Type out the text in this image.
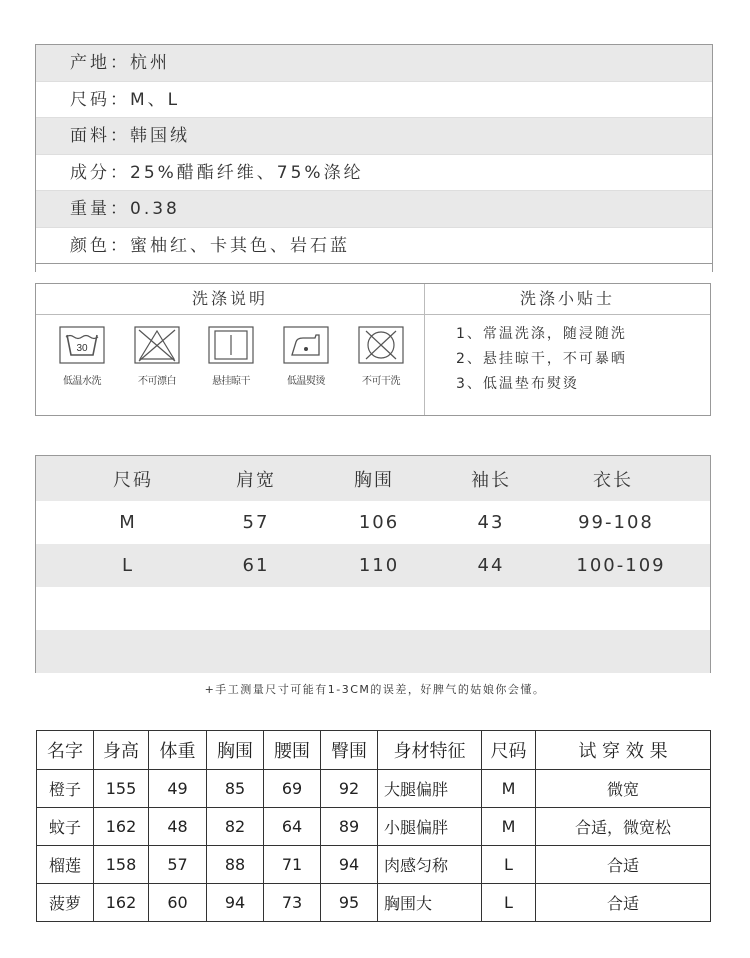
产地：杭州
尺码：M、L
面料：韩国绒
成分：25%醋酯纤维、75%涤纶
重量：0.38
颜色：蜜柚红、卡其色、岩石蓝
洗涤说明	洗涤小贴士
30
低温水洗	不可漂白	悬挂晾干	低温熨烫	不可干洗
1、常温洗涤，随浸随洗
2、悬挂晾干，不可暴晒
3、低温垫布熨烫
尺码	肩宽	胸围	袖长	衣长
M	57	106	43	99-108
L	61	110	44	100-109
+手工测量尺寸可能有1-3CM的误差，好脾气的姑娘你会懂。
名字	身高	体重	胸围	腰围	臀围	身材特征	尺码	试 穿 效 果
橙子	155	49	85	69	92	大腿偏胖	M	微宽
蚊子	162	48	82	64	89	小腿偏胖	M	合适，微宽松
榴莲	158	57	88	71	94	肉感匀称	L	合适
菠萝	162	60	94	73	95	胸围大	L	合适
